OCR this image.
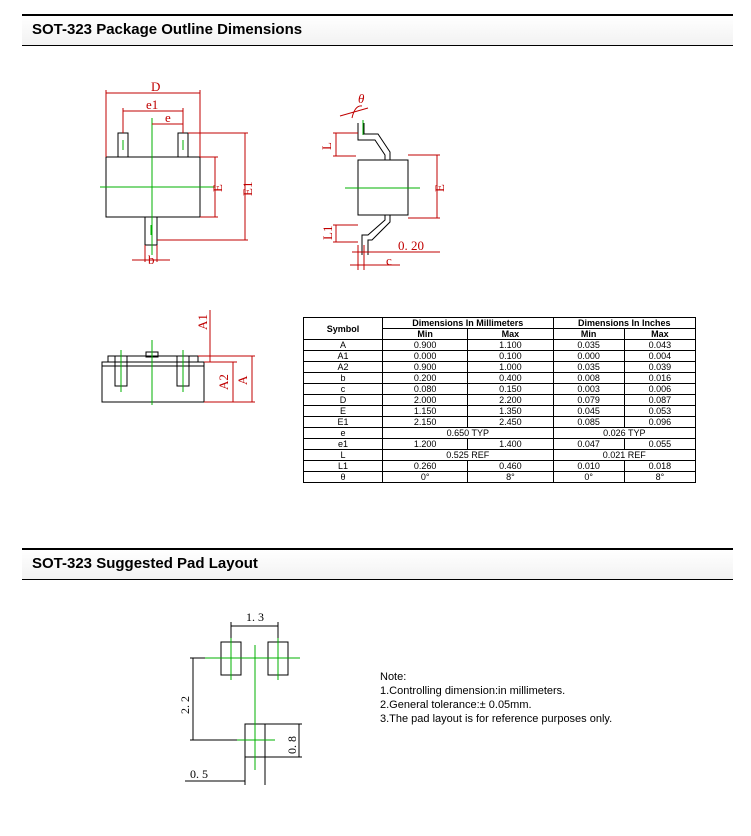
SOT-323 Package Outline Dimensions
SOT-323 Suggested Pad Layout
D
e1
e
E E1
b
θ
L
E
L1
0. 20
c
A1
A2 A
1. 3
2. 2
0. 8
0. 5
Symbol	Dimensions In Millimeters		Dimensions In Inches	
	Min	Max	Min	Max
A	0.900	1.100	0.035	0.043
A1	0.000	0.100	0.000	0.004
A2	0.900	1.000	0.035	0.039
b	0.200	0.400	0.008	0.016
c	0.080	0.150	0.003	0.006
D	2.000	2.200	0.079	0.087
E	1.150	1.350	0.045	0.053
E1	2.150	2.450	0.085	0.096
e	0.650 TYP		0.026 TYP	
e1	1.200	1.400	0.047	0.055
L	0.525 REF		0.021 REF	
L1	0.260	0.460	0.010	0.018
θ	0°	8°	0°	8°
Note:
1.Controlling dimension:in millimeters.
2.General tolerance:± 0.05mm.
3.The pad layout is for reference purposes only.
